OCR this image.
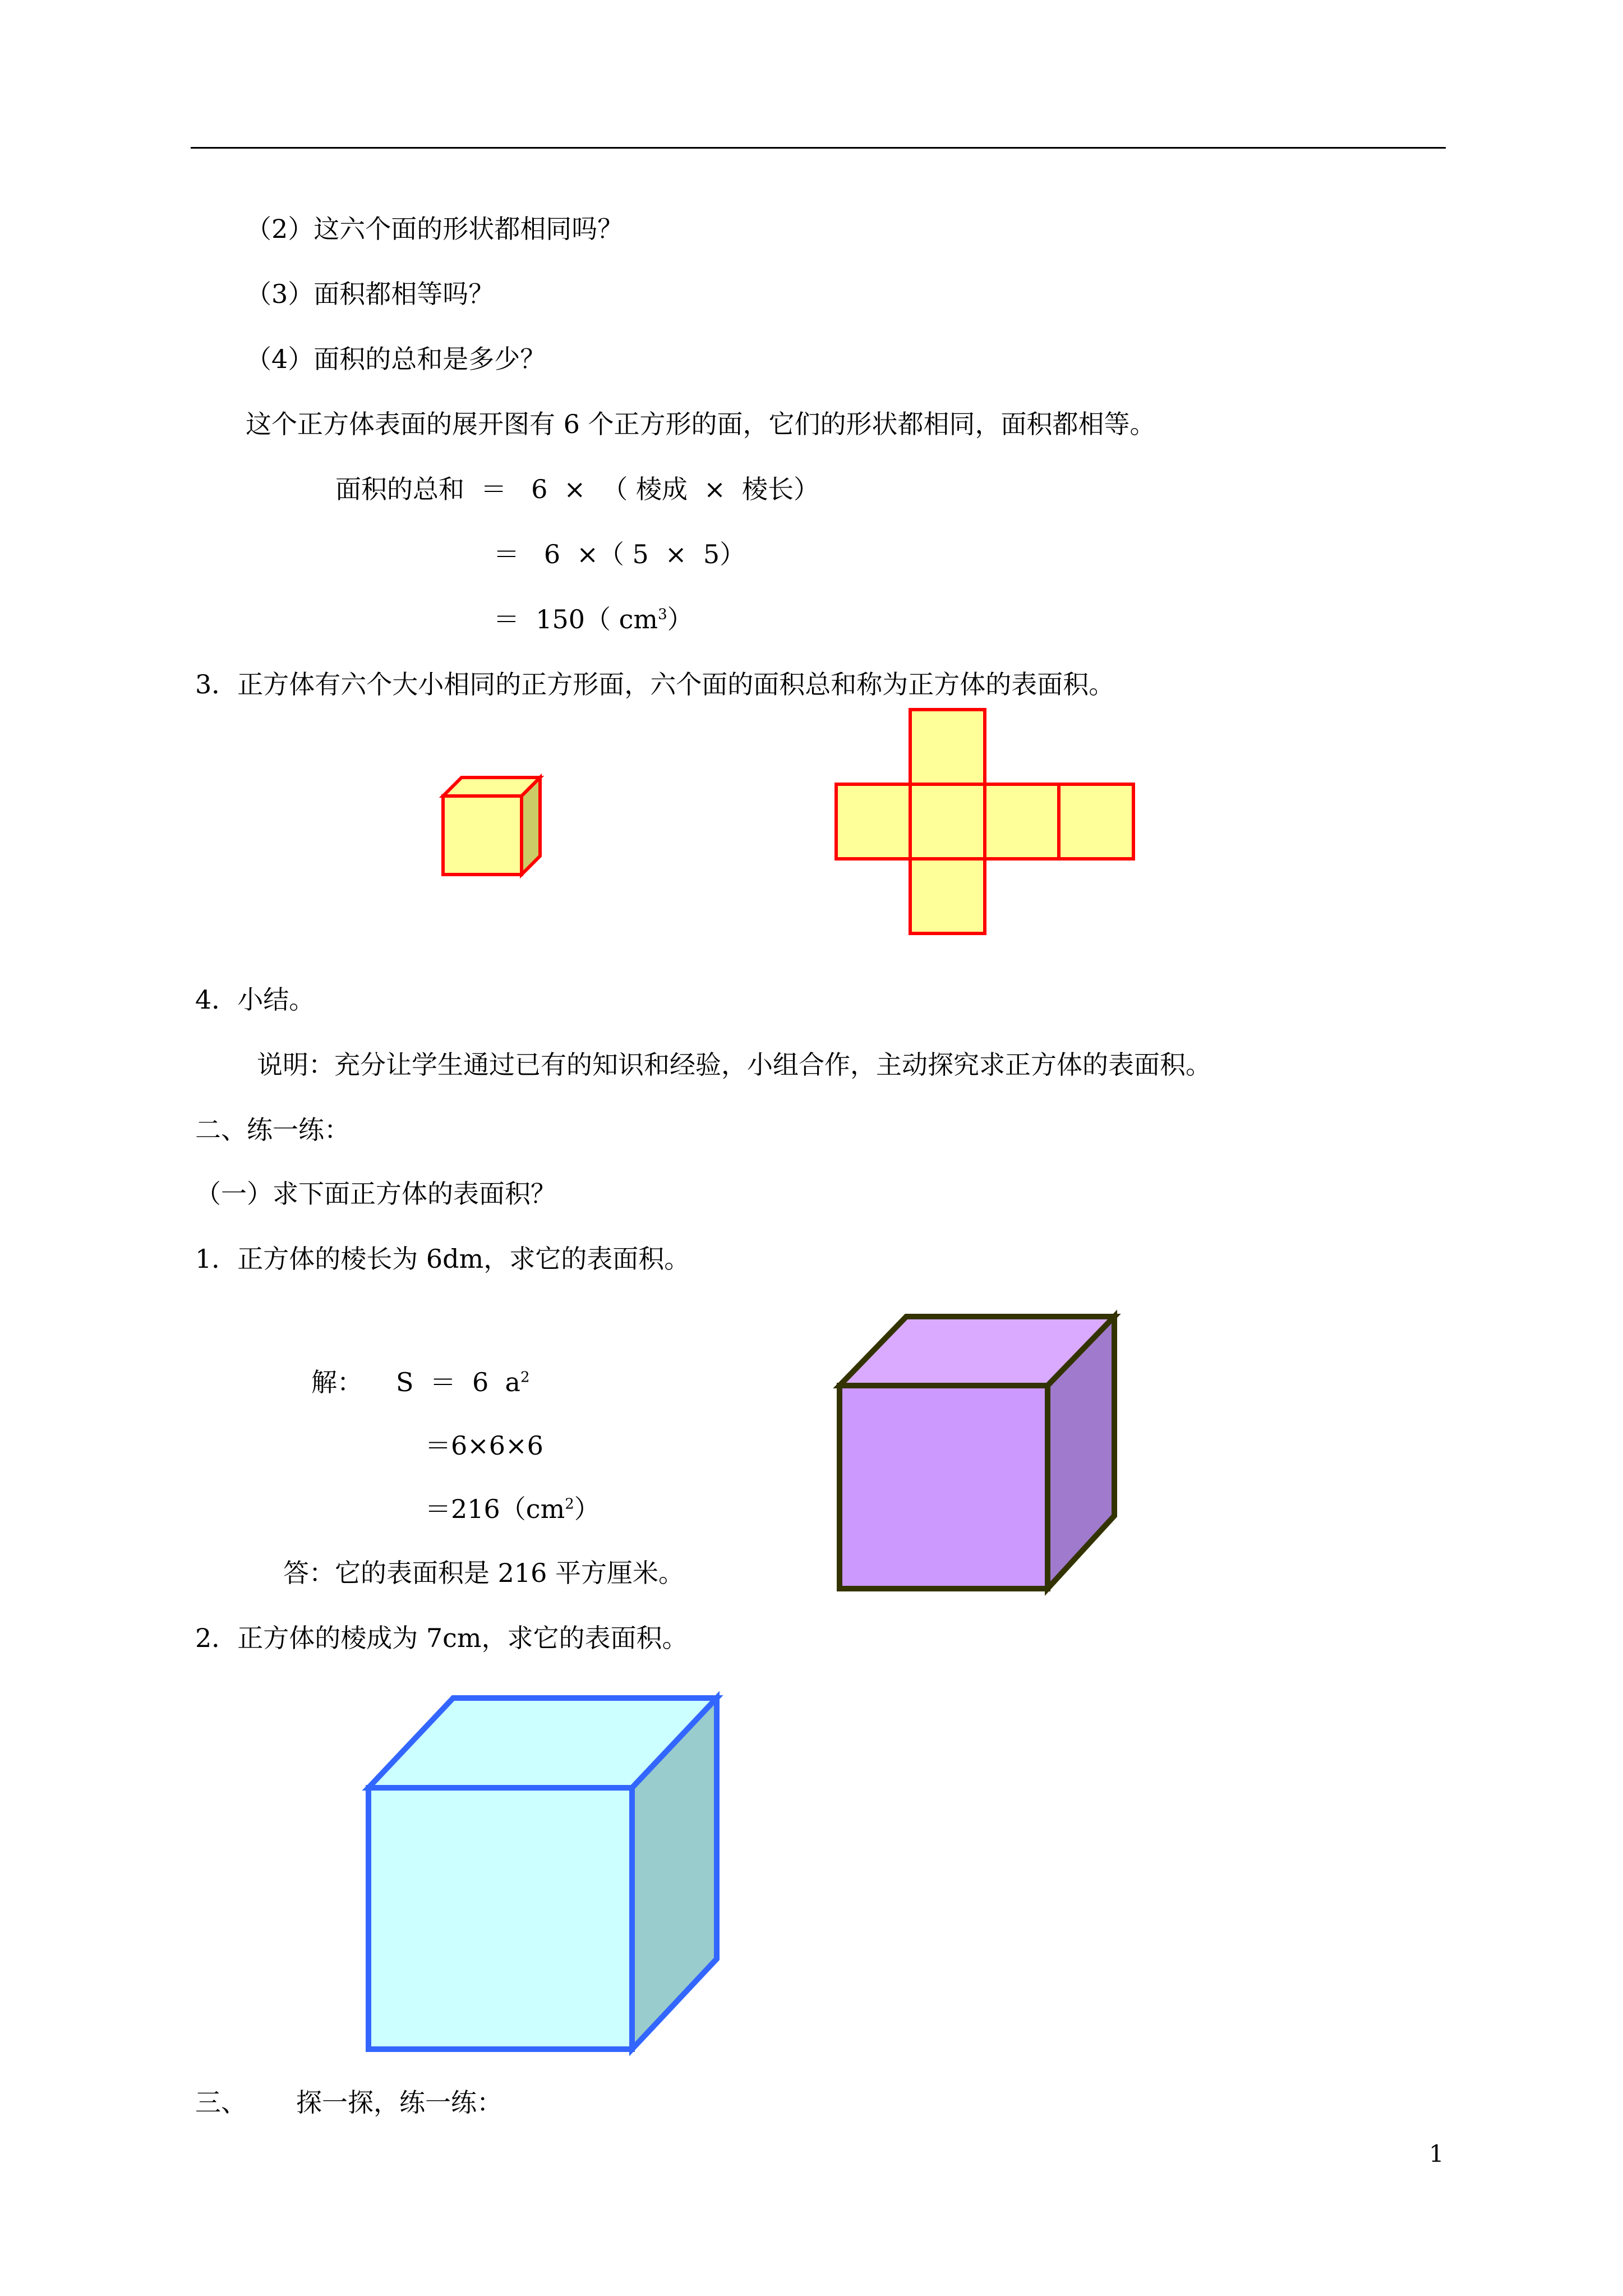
（2）这六个面的形状都相同吗？
（3）面积都相等吗？
（4）面积的总和是多少？
这个正方体表面的展开图有 6 个正方形的面，它们的形状都相同，面积都相等。
面积的总和  ＝   6  ×  （ 棱成  ×  棱长）
＝   6  ×（ 5  ×  5）
＝  150（ $cm^3$）
3．正方体有六个大小相同的正方形面，六个面的面积总和称为正方体的表面积。
4．小结。
说明：充分让学生通过已有的知识和经验，小组合作，主动探究求正方体的表面积。
二、练一练：
（一）求下面正方体的表面积？
1．正方体的棱长为 6dm，求它的表面积。
解： S  ＝  6  $a^2$
＝6×6×6
$=216(cm^2)$
答：它的表面积是 216 平方厘米。
2．正方体的棱成为 7cm，求它的表面积。
三、 探一探，练一练：
1
